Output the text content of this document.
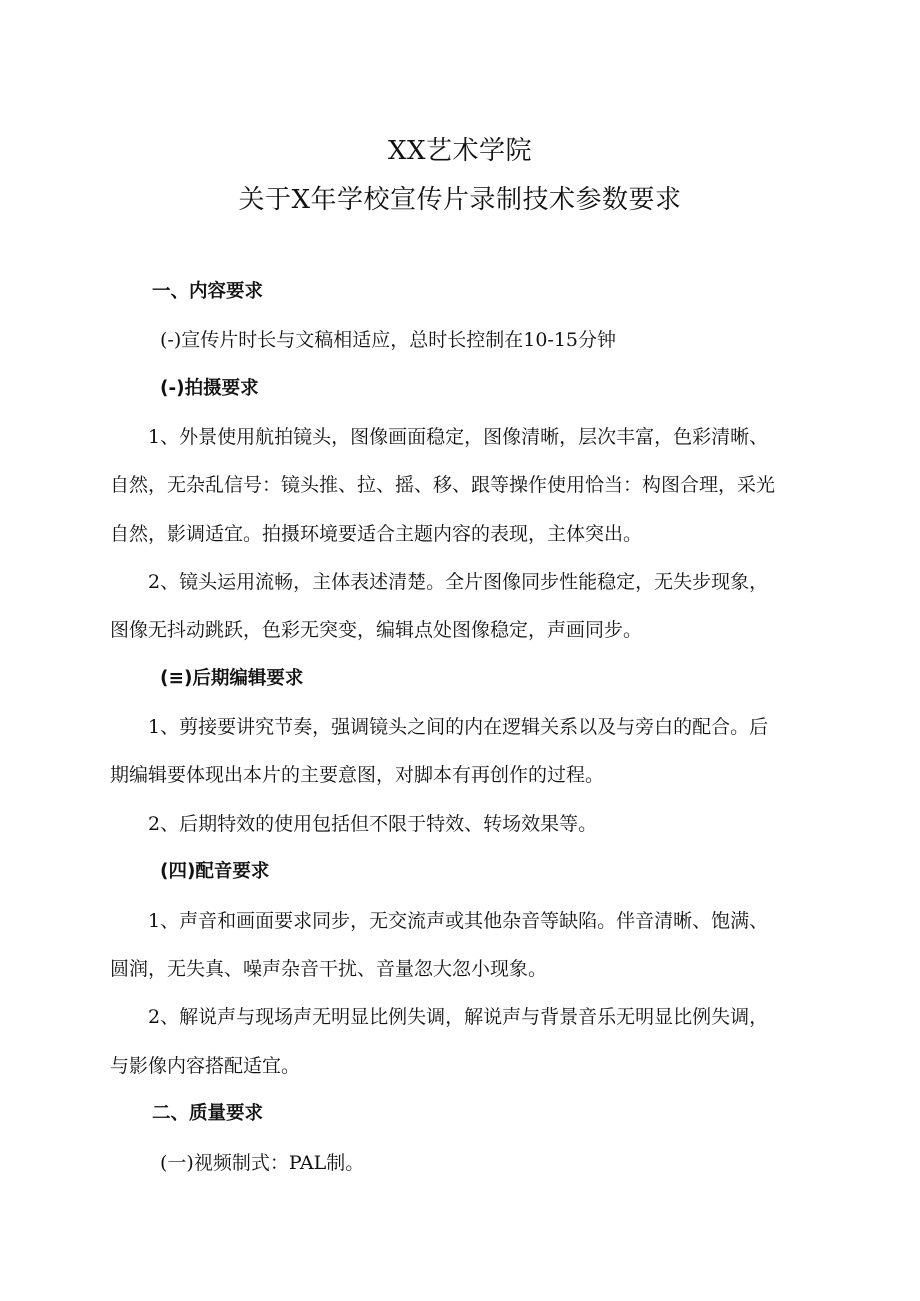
XX艺术学院
关于X年学校宣传片录制技术参数要求
一、内容要求
(-)宣传片时长与文稿相适应，总时长控制在10-15分钟
(-)拍摄要求
1、外景使用航拍镜头，图像画面稳定，图像清晰，层次丰富，色彩清晰、
自然，无杂乱信号：镜头推、拉、摇、移、跟等操作使用恰当：构图合理，采光
自然，影调适宜。拍摄环境要适合主题内容的表现，主体突出。
2、镜头运用流畅，主体表述清楚。全片图像同步性能稳定，无失步现象，
图像无抖动跳跃，色彩无突变，编辑点处图像稳定，声画同步。
(≡)后期编辑要求
1、剪接要讲究节奏，强调镜头之间的内在逻辑关系以及与旁白的配合。后
期编辑要体现出本片的主要意图，对脚本有再创作的过程。
2、后期特效的使用包括但不限于特效、转场效果等。
(四)配音要求
1、声音和画面要求同步，无交流声或其他杂音等缺陷。伴音清晰、饱满、
圆润，无失真、噪声杂音干扰、音量忽大忽小现象。
2、解说声与现场声无明显比例失调，解说声与背景音乐无明显比例失调，
与影像内容搭配适宜。
二、质量要求
(一)视频制式：PAL制。
